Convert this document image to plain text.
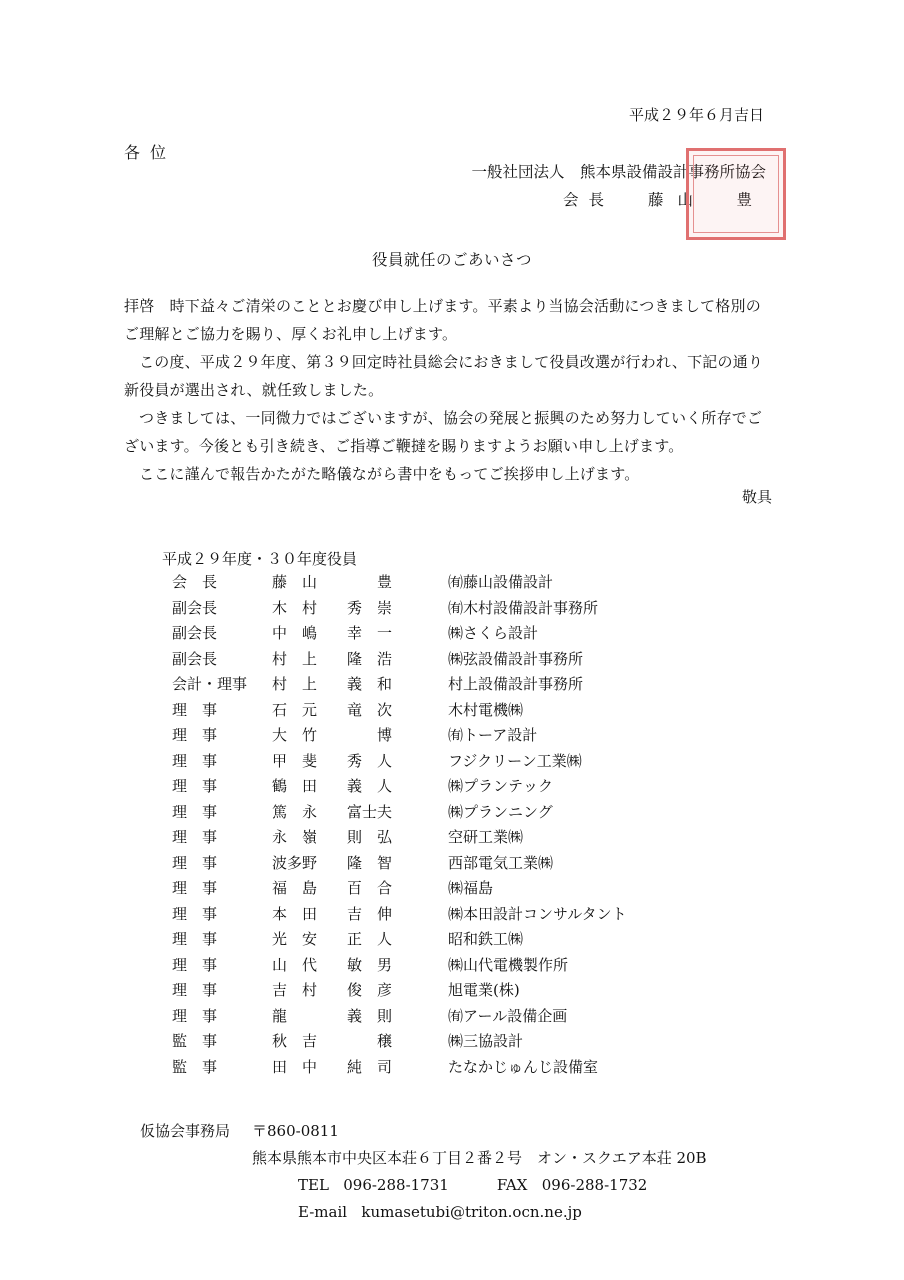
平成２９年６月吉日
各位
一般社団法人　熊本県設備設計事務所協会
会長 藤山　豊
役員就任のごあいさつ

拝啓　時下益々ご清栄のこととお慶び申し上げます。平素より当協会活動につきまして格別のご理解とご協力を賜り、厚くお礼申し上げます。

この度、平成２９年度、第３９回定時社員総会におきまして役員改選が行われ、下記の通り新役員が選出され、就任致しました。

つきましては、一同微力ではございますが、協会の発展と振興のため努力していく所存でございます。今後とも引き続き、ご指導ご鞭撻を賜りますようお願い申し上げます。

ここに謹んで報告かたがた略儀ながら書中をもってご挨拶申し上げます。

敬具
平成２９年度・３０年度役員
会　長	藤　山　　　　豊	㈲藤山設備設計
副会長	木　村　　秀　崇	㈲木村設備設計事務所
副会長	中　嶋　　幸　一	㈱さくら設計
副会長	村　上　　隆　浩	㈱弦設備設計事務所
会計・理事	村　上　　義　和	村上設備設計事務所
理　事	石　元　　竜　次	木村電機㈱
理　事	大　竹　　　　博	㈲トーア設計
理　事	甲　斐　　秀　人	フジクリーン工業㈱
理　事	鶴　田　　義　人	㈱プランテック
理　事	篤　永　　富士夫	㈱プランニング
理　事	永　嶺　　則　弘	空研工業㈱
理　事	波多野　　隆　智	西部電気工業㈱
理　事	福　島　　百　合	㈱福島
理　事	本　田　　吉　伸	㈱本田設計コンサルタント
理　事	光　安　　正　人	昭和鉄工㈱
理　事	山　代　　敏　男	㈱山代電機製作所
理　事	吉　村　　俊　彦	旭電業(株)
理　事	龍　　　　義　則	㈲アール設備企画
監　事	秋　吉　　　　穣	㈱三協設計
監　事	田　中　　純　司	たなかじゅんじ設備室
仮協会事務局 〒860-0811
熊本県熊本市中央区本荘６丁目２番２号　オン・スクエア本荘 20B
TEL 096-288-1731	FAX 096-288-1732
E-mail kumasetubi@triton.ocn.ne.jp
